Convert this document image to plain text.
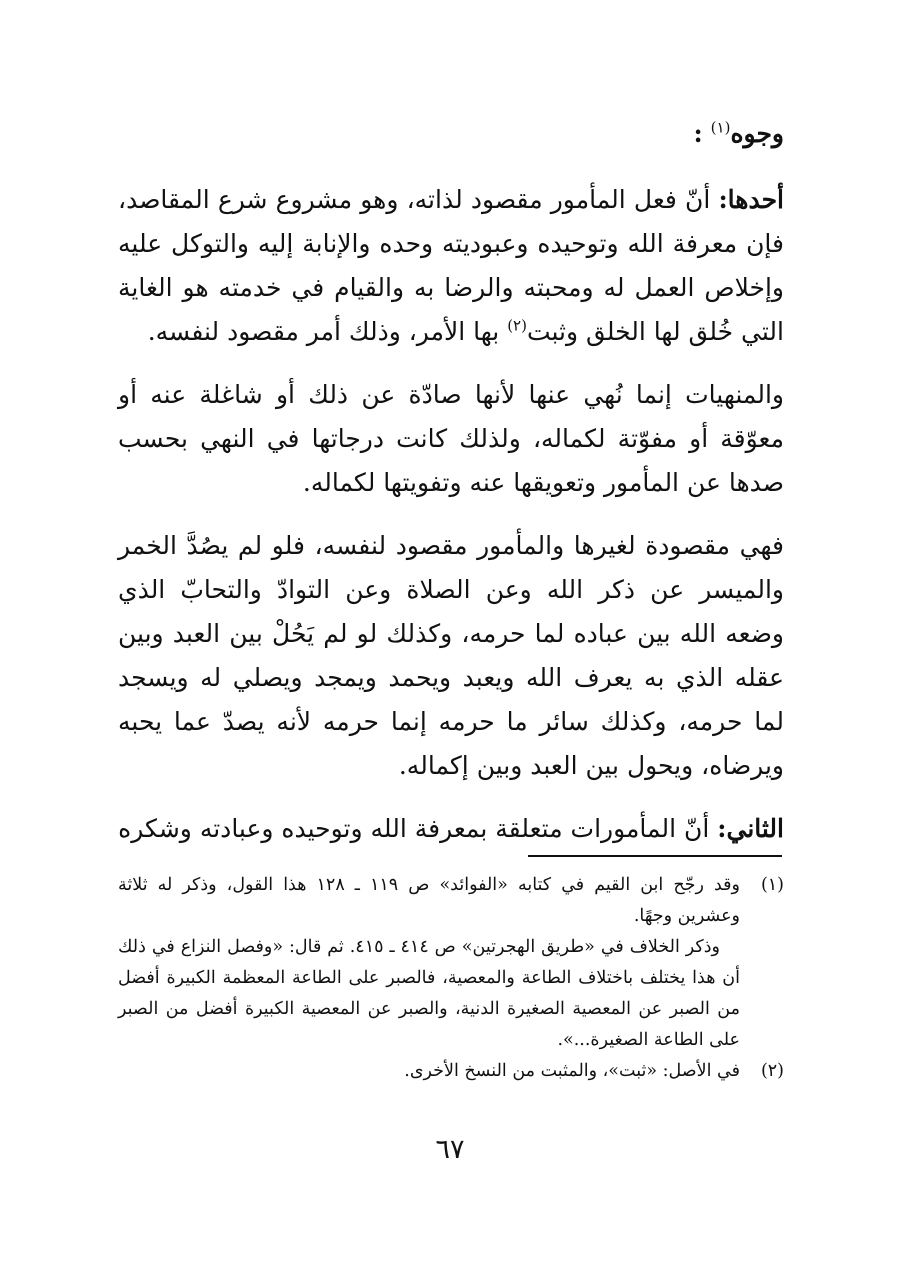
وجوه$^{(١)}$ :

أحدها: أنّ فعل المأمور مقصود لذاته، وهو مشروع شرع المقاصد، فإن معرفة الله وتوحيده وعبوديته وحده والإنابة إليه والتوكل عليه وإخلاص العمل له ومحبته والرضا به والقيام في خدمته هو الغاية التي خُلق لها الخلق وثبت$^{(٢)}$ بها الأمر، وذلك أمر مقصود لنفسه.

والمنهيات إنما نُهي عنها لأنها صادّة عن ذلك أو شاغلة عنه أو معوّقة أو مفوّتة لكماله، ولذلك كانت درجاتها في النهي بحسب صدها عن المأمور وتعويقها عنه وتفويتها لكماله.

فهي مقصودة لغيرها والمأمور مقصود لنفسه، فلو لم يصُدَّ الخمر والميسر عن ذكر الله وعن الصلاة وعن التوادّ والتحابّ الذي وضعه الله بين عباده لما حرمه، وكذلك لو لم يَحُلْ بين العبد وبين عقله الذي به يعرف الله ويعبد ويحمد ويمجد ويصلي له ويسجد لما حرمه، وكذلك سائر ما حرمه إنما حرمه لأنه يصدّ عما يحبه ويرضاه، ويحول بين العبد وبين إكماله.

الثاني: أنّ المأمورات متعلقة بمعرفة الله وتوحيده وعبادته وشكره

(١)
وقد رجّح ابن القيم في كتابه «الفوائد» ص ١١٩ ـ ١٢٨ هذا القول، وذكر له ثلاثة وعشرين وجهًا.
وذكر الخلاف في «طريق الهجرتين» ص ٤١٤ ـ ٤١٥. ثم قال: «وفصل النزاع في ذلك أن هذا يختلف باختلاف الطاعة والمعصية، فالصبر على الطاعة المعظمة الكبيرة أفضل من الصبر عن المعصية الصغيرة الدنية، والصبر عن المعصية الكبيرة أفضل من الصبر على الطاعة الصغيرة...».
(٢)
في الأصل: «ثبت»، والمثبت من النسخ الأخرى.
٦٧
